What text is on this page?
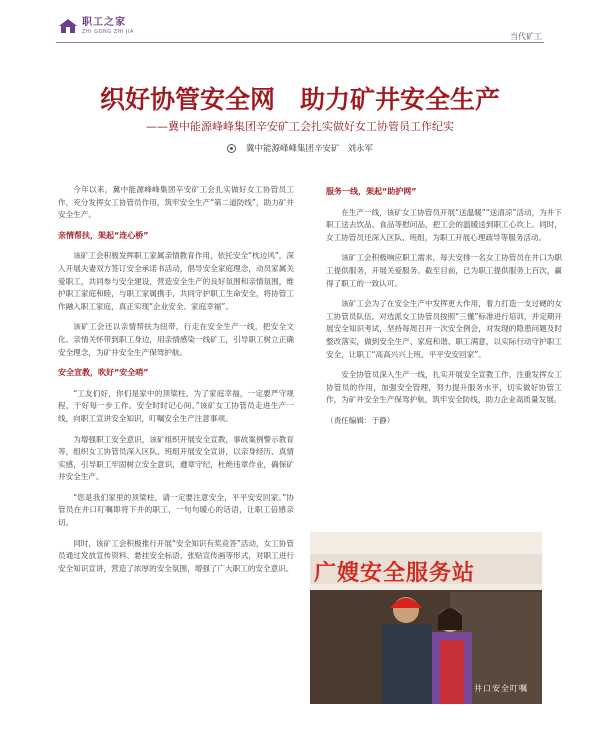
职工之家
ZHI GONG ZHI JIA	当代矿工
织好协管安全网　助力矿井安全生产
——冀中能源峰峰集团辛安矿工会扎实做好女工协管员工作纪实
冀中能源峰峰集团辛安矿 刘永军

今年以来，冀中能源峰峰集团辛安矿工会扎实做好女工协管员工作，充分发挥女工协管员作用，筑牢安全生产“第二道防线”，助力矿井安全生产。

亲情帮扶，架起“连心桥”

该矿工会积极发挥职工家属亲情教育作用，依托安全“枕边风”，深入开展夫妻双方签订安全承诺书活动，倡导安全家庭理念，动员家属关爱职工，共同参与安全建设，营造安全生产的良好氛围和亲情氛围，维护职工家庭和睦，与职工家属携手，共同守护职工生命安全，将协管工作融入职工家庭，真正实现“企业安全、家庭幸福”。

该矿工会还以亲情帮扶为纽带，行走在安全生产一线，把安全文化、亲情关怀带到职工身边，用亲情感染一线矿工，引导职工树立正确安全理念，为矿井安全生产保驾护航。

安全宣教，吹好“安全哨”

“工友们好，你们是家中的顶梁柱，为了家庭幸福，一定要严守规程，干好每一步工作。安全时时记心间。”该矿女工协管员走进生产一线，向职工宣讲安全知识，叮嘱安全生产注意事项。

为增强职工安全意识，该矿组织开展安全宣教，事故案例警示教育等，组织女工协管员深入区队、班组开展安全宣讲，以亲身经历、真情实感，引导职工牢固树立安全意识，遵章守纪，杜绝违章作业，确保矿井安全生产。

“您是我们家里的顶梁柱，请一定要注意安全，平平安安回家。”协管员在井口叮嘱即将下井的职工，一句句暖心的话语，让职工倍感亲切。

同时，该矿工会积极推行开展“安全知识有奖竞答”活动，女工协管员通过发放宣传资料、悬挂安全标语、张贴宣传画等形式，对职工进行安全知识宣讲，营造了浓厚的安全氛围，增强了广大职工的安全意识。

服务一线，架起“助护网”

在生产一线，该矿女工协管员开展“送温暖”“送清凉”活动，为井下职工送去饮品、食品等慰问品，把工会的温暖送到职工心坎上。同时，女工协管员还深入区队、班组，为职工开展心理疏导等服务活动。

该矿工会积极响应职工需求，每天安排一名女工协管员在井口为职工提供服务，开展关爱服务。截至目前，已为职工提供服务上百次，赢得了职工的一致认可。

该矿工会为了在安全生产中发挥更大作用，着力打造一支过硬的女工协管员队伍。对选派女工协管员按照“三懂”标准进行培训，并定期开展安全知识考试，坚持每周召开一次安全例会，对发现的隐患问题及时整改落实，做到安全生产、家庭和谐、职工满意，以实际行动守护职工安全，让职工“高高兴兴上班，平平安安回家”。

安全协管员深入生产一线，扎实开展安全宣教工作，注重发挥女工协管员的作用，加强安全管理，努力提升服务水平，切实做好协管工作，为矿井安全生产保驾护航，筑牢安全防线，助力企业高质量发展。

（责任编辑：于静）

广嫂安全服务站
井口安全叮嘱
